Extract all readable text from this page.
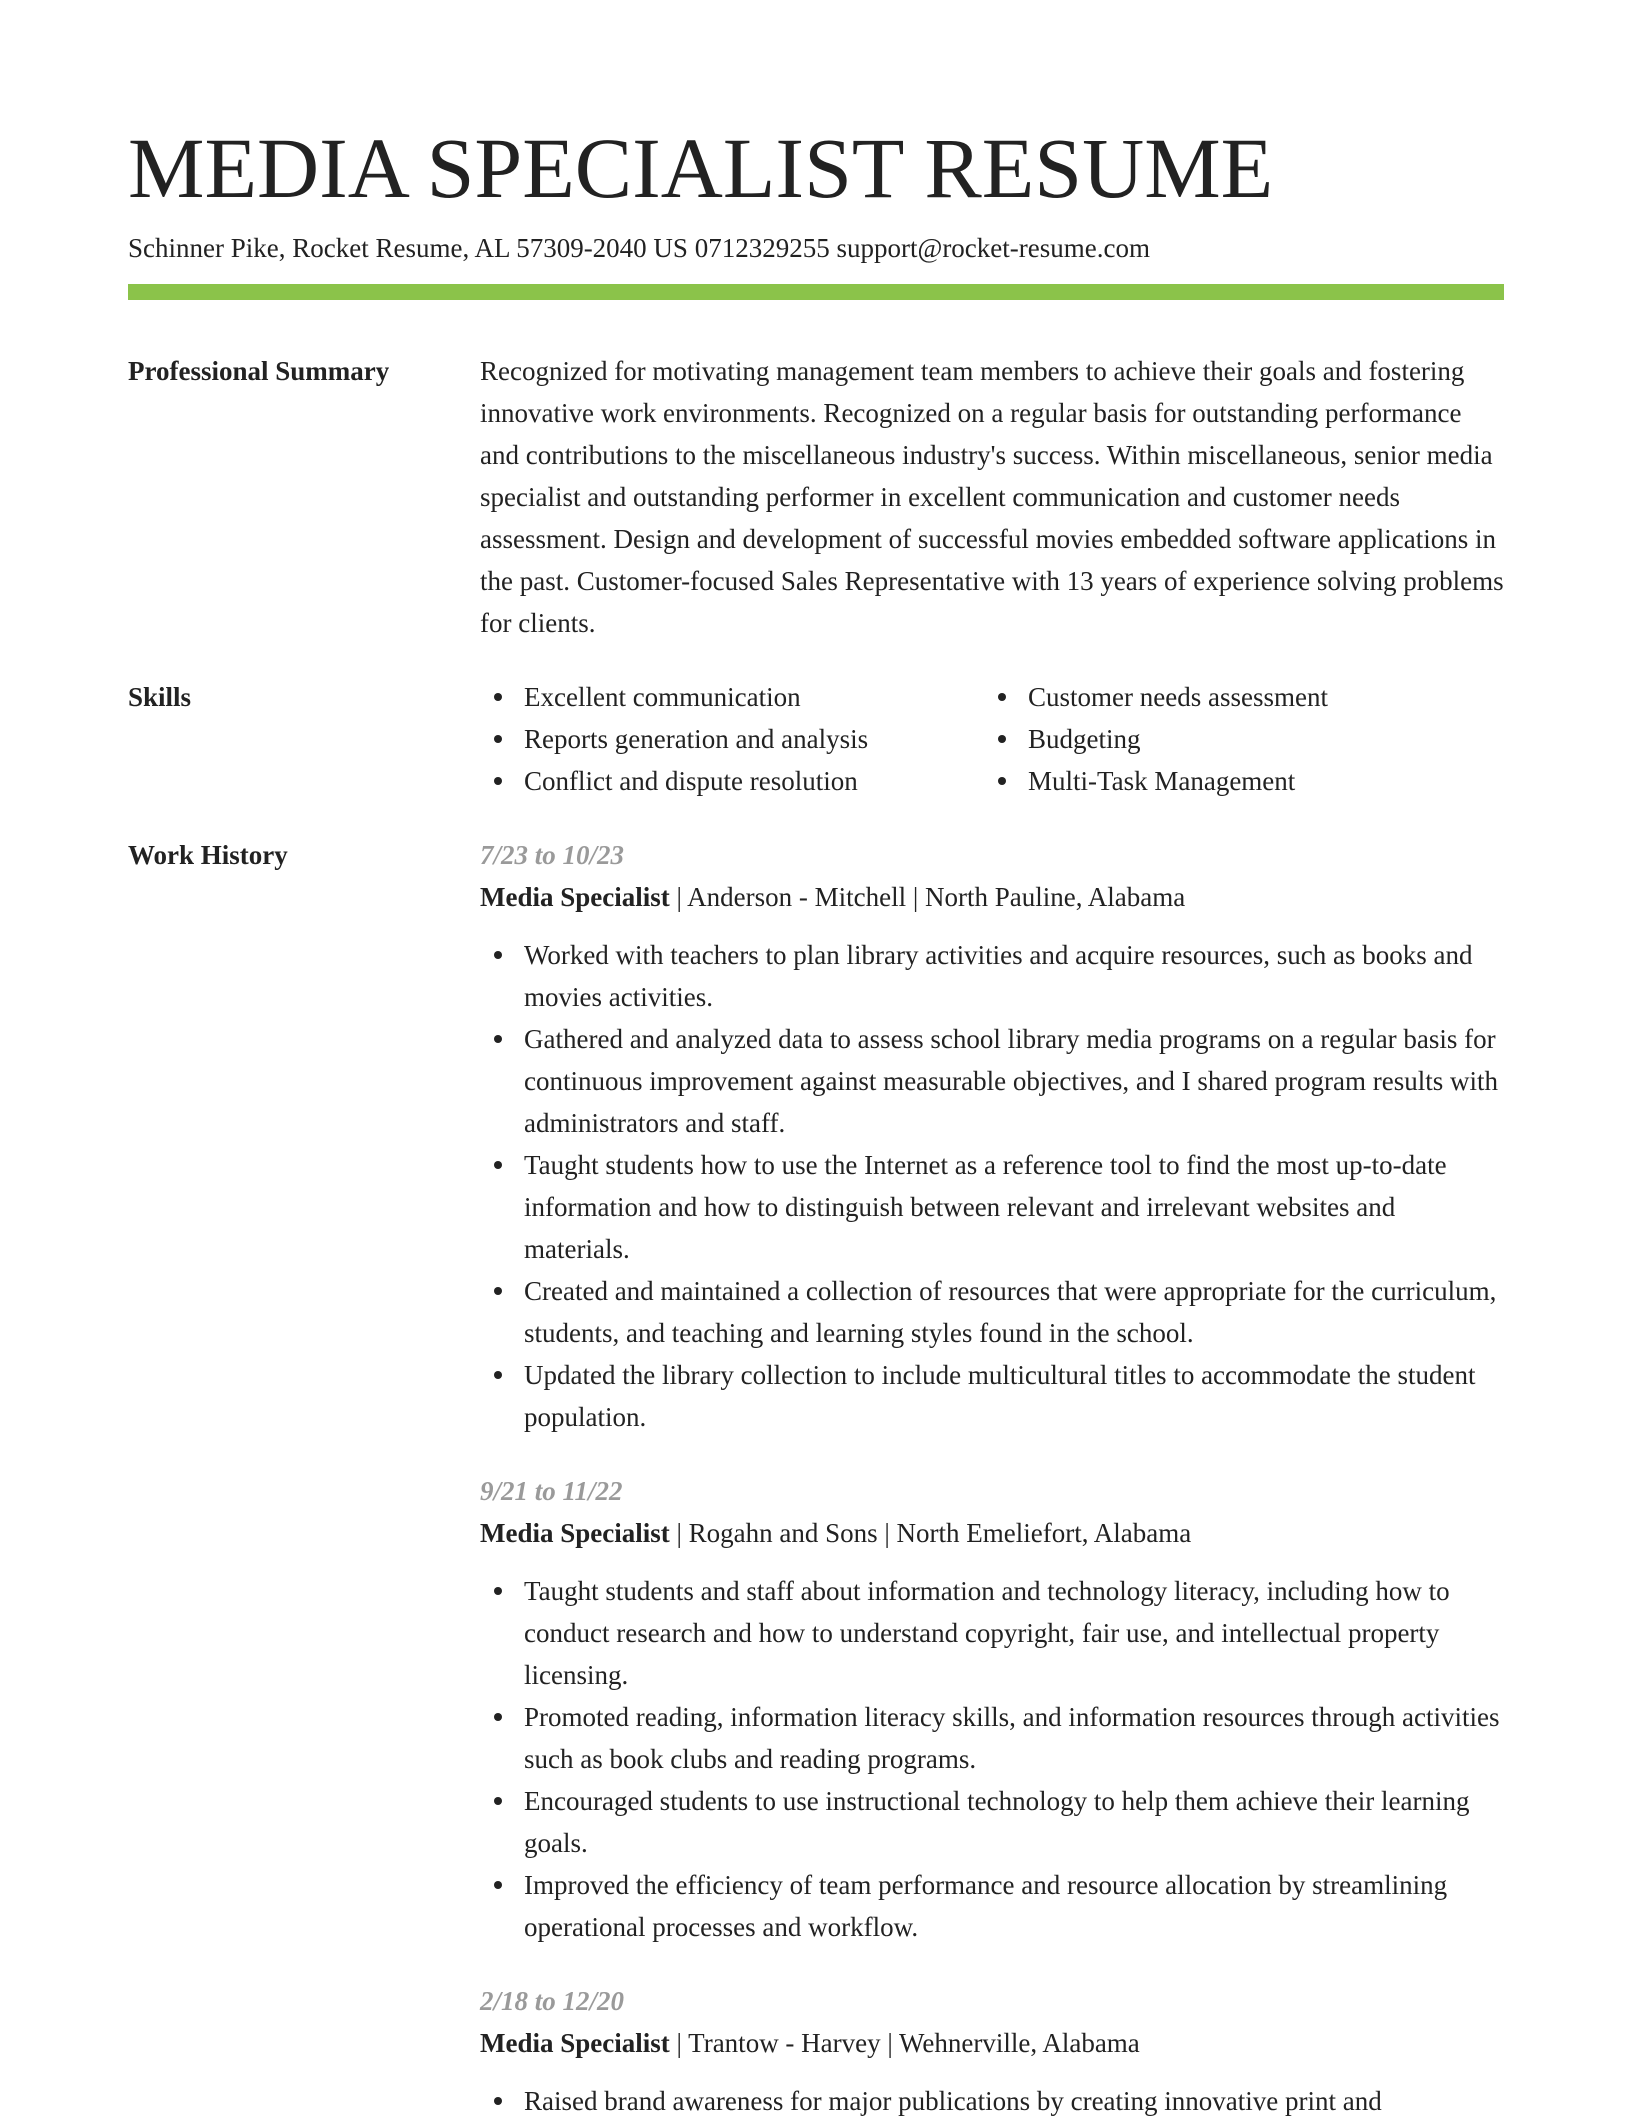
MEDIA SPECIALIST RESUME
Schinner Pike, Rocket Resume, AL 57309-2040 US 0712329255 support@rocket-resume.com
Professional Summary	Recognized for motivating management team members to achieve their goals and fostering innovative work environments. Recognized on a regular basis for outstanding performance and contributions to the miscellaneous industry's success. Within miscellaneous, senior media specialist and outstanding performer in excellent communication and customer needs assessment. Design and development of successful movies embedded software applications in the past. Customer-focused Sales Representative with 13 years of experience solving problems for clients.

Skills	Excellent communication
Reports generation and analysis
Conflict and dispute resolution
Customer needs assessment
Budgeting
Multi-Task Management
Work History	7/23 to 10/23
Media Specialist | Anderson - Mitchell | North Pauline, Alabama
Worked with teachers to plan library activities and acquire resources, such as books and movies activities.
Gathered and analyzed data to assess school library media programs on a regular basis for continuous improvement against measurable objectives, and I shared program results with administrators and staff.
Taught students how to use the Internet as a reference tool to find the most up-to-date information and how to distinguish between relevant and irrelevant websites and materials.
Created and maintained a collection of resources that were appropriate for the curriculum, students, and teaching and learning styles found in the school.
Updated the library collection to include multicultural titles to accommodate the student population.
9/21 to 11/22
Media Specialist | Rogahn and Sons | North Emeliefort, Alabama
Taught students and staff about information and technology literacy, including how to conduct research and how to understand copyright, fair use, and intellectual property licensing.
Promoted reading, information literacy skills, and information resources through activities such as book clubs and reading programs.
Encouraged students to use instructional technology to help them achieve their learning goals.
Improved the efficiency of team performance and resource allocation by streamlining operational processes and workflow.
2/18 to 12/20
Media Specialist | Trantow - Harvey | Wehnerville, Alabama
Raised brand awareness for major publications by creating innovative print and
